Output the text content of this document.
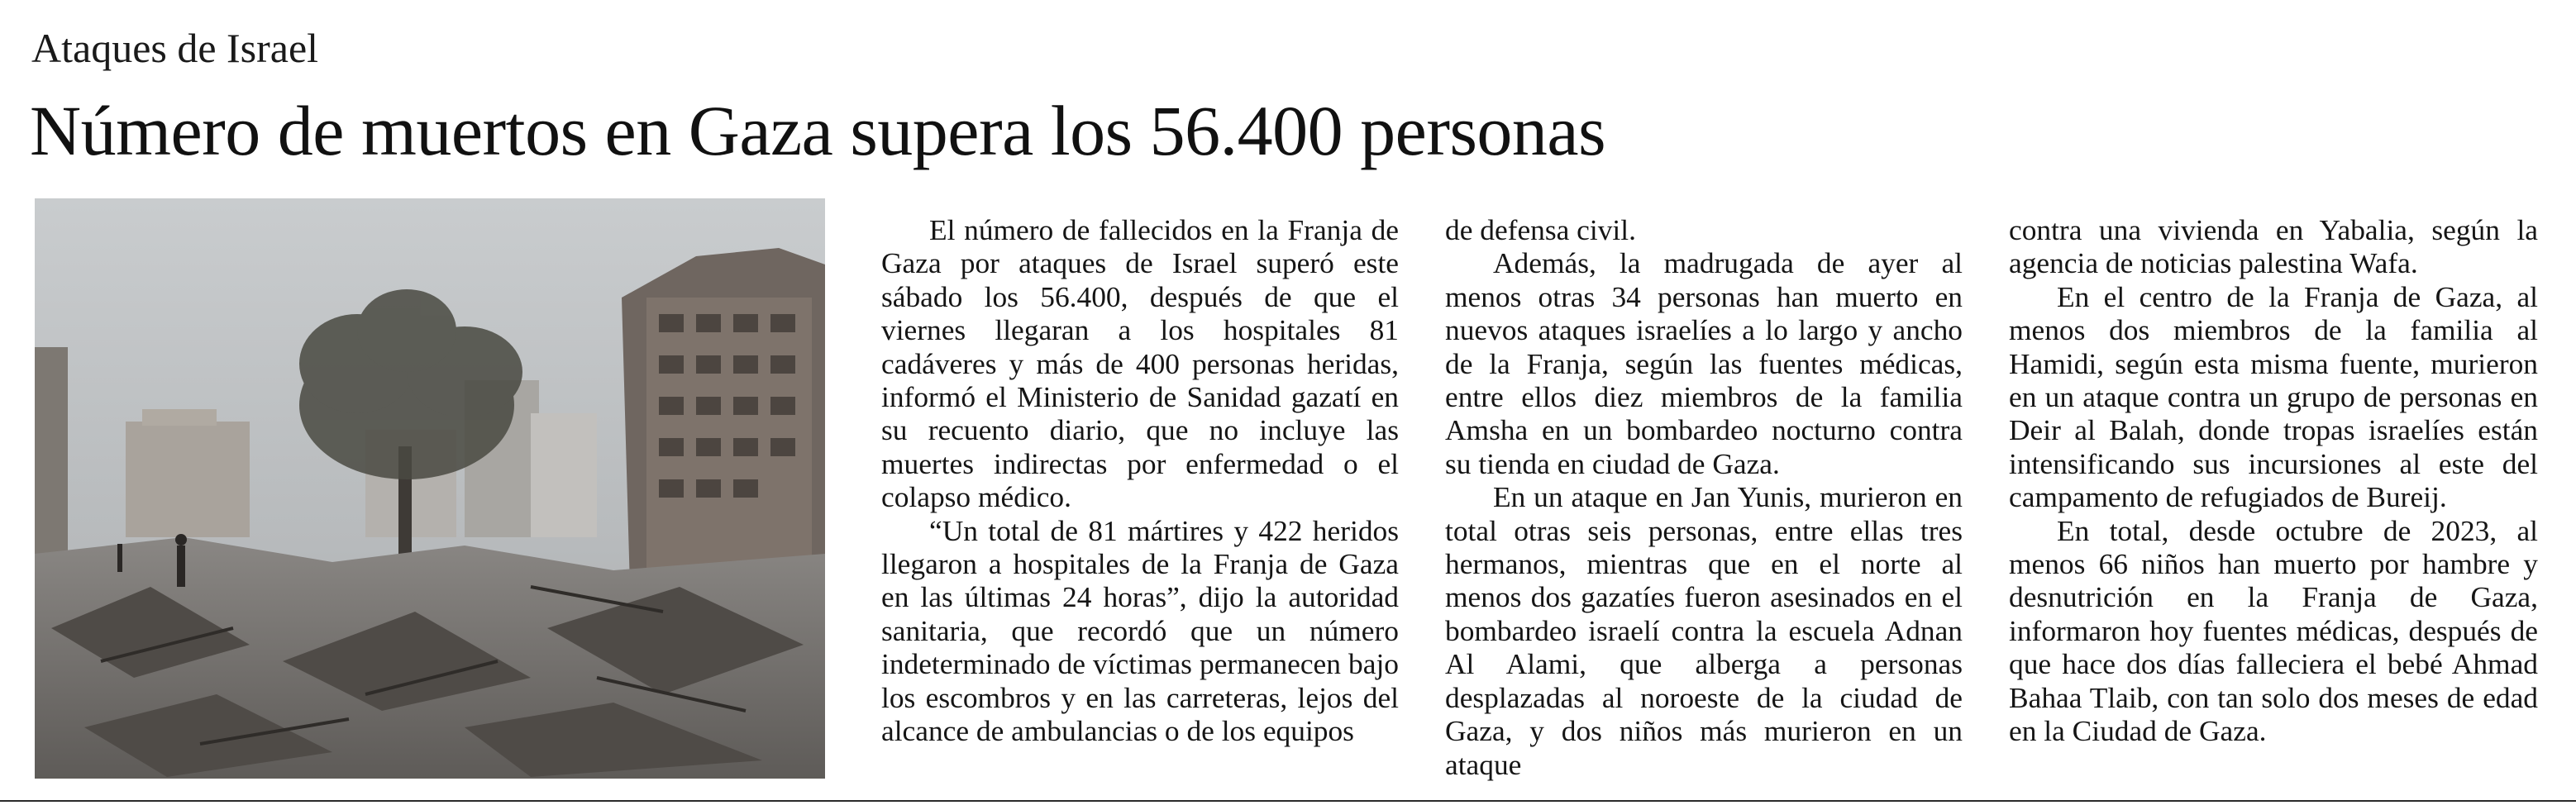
Ataques de Israel
Número de muertos en Gaza supera los 56.400 personas

El número de fallecidos en la Franja de Gaza por ataques de Israel superó este sábado los 56.400, después de que el viernes llegaran a los hospitales 81 cadáveres y más de 400 personas heridas, informó el Ministerio de Sanidad gazatí en su recuento diario, que no incluye las muertes indirectas por enfermedad o el colapso médico.

“Un total de 81 mártires y 422 heridos llegaron a hospitales de la Franja de Gaza en las últimas 24 horas”, dijo la autoridad sanitaria, que recordó que un número indeterminado de víctimas permanecen bajo los escombros y en las carreteras, lejos del alcance de ambulancias o de los equipos

de defensa civil.

Además, la madrugada de ayer al menos otras 34 personas han muerto en nuevos ataques israelíes a lo largo y ancho de la Franja, según las fuentes médicas, entre ellos diez miembros de la familia Amsha en un bombardeo nocturno contra su tienda en ciudad de Gaza.

En un ataque en Jan Yunis, murieron en total otras seis personas, entre ellas tres hermanos, mientras que en el norte al menos dos gazatíes fueron asesinados en el bombardeo israelí contra la escuela Adnan Al Alami, que alberga a personas desplazadas al noroeste de la ciudad de Gaza, y dos niños más murieron en un ataque

contra una vivienda en Yabalia, según la agencia de noticias palestina Wafa.

En el centro de la Franja de Gaza, al menos dos miembros de la familia al Hamidi, según esta misma fuente, murieron en un ataque contra un grupo de personas en Deir al Balah, donde tropas israelíes están intensificando sus incursiones al este del campamento de refugiados de Bureij.

En total, desde octubre de 2023, al menos 66 niños han muerto por hambre y desnutrición en la Franja de Gaza, informaron hoy fuentes médicas, después de que hace dos días falleciera el bebé Ahmad Bahaa Tlaib, con tan solo dos meses de edad en la Ciudad de Gaza.
